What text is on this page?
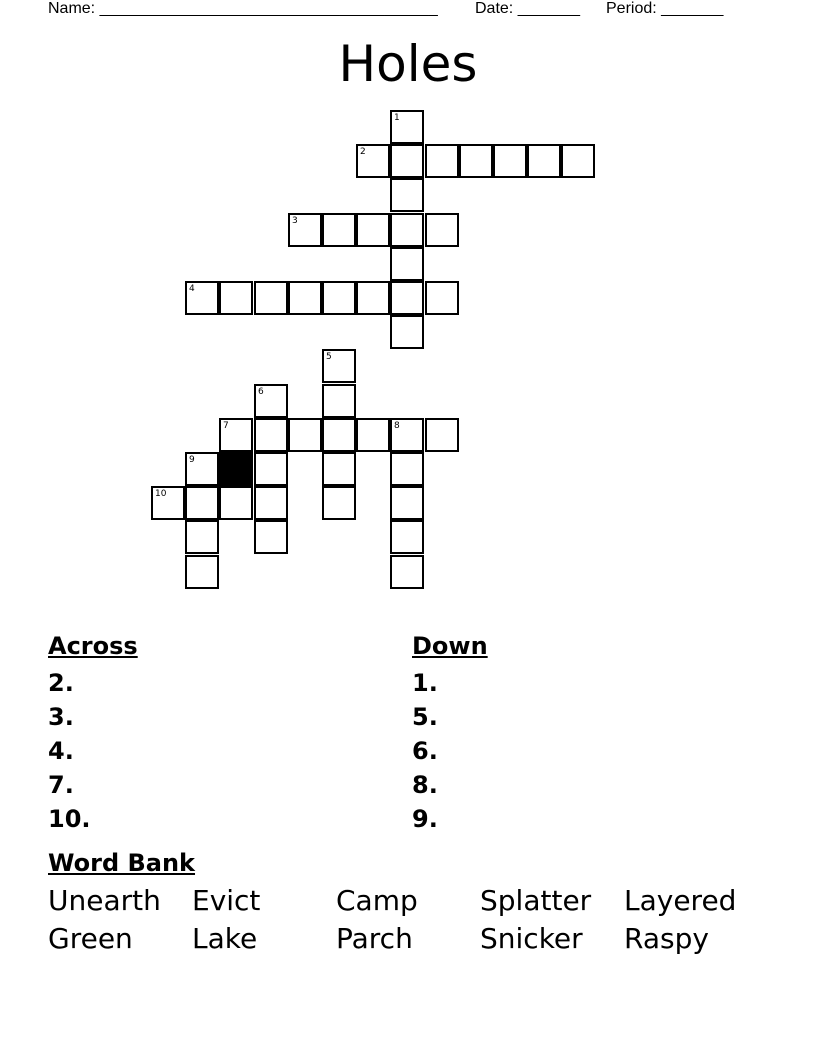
Name: ______________________________________ Date: _______ Period: _______
Holes
1
2
3
4
5
6
7	8
9
10
Across
2.
3.
4.
7.
10.
Down
1.
5.
6.
8.
9.
Word Bank
Unearth	Evict	Camp	Splatter	Layered
Green	Lake	Parch	Snicker	Raspy
